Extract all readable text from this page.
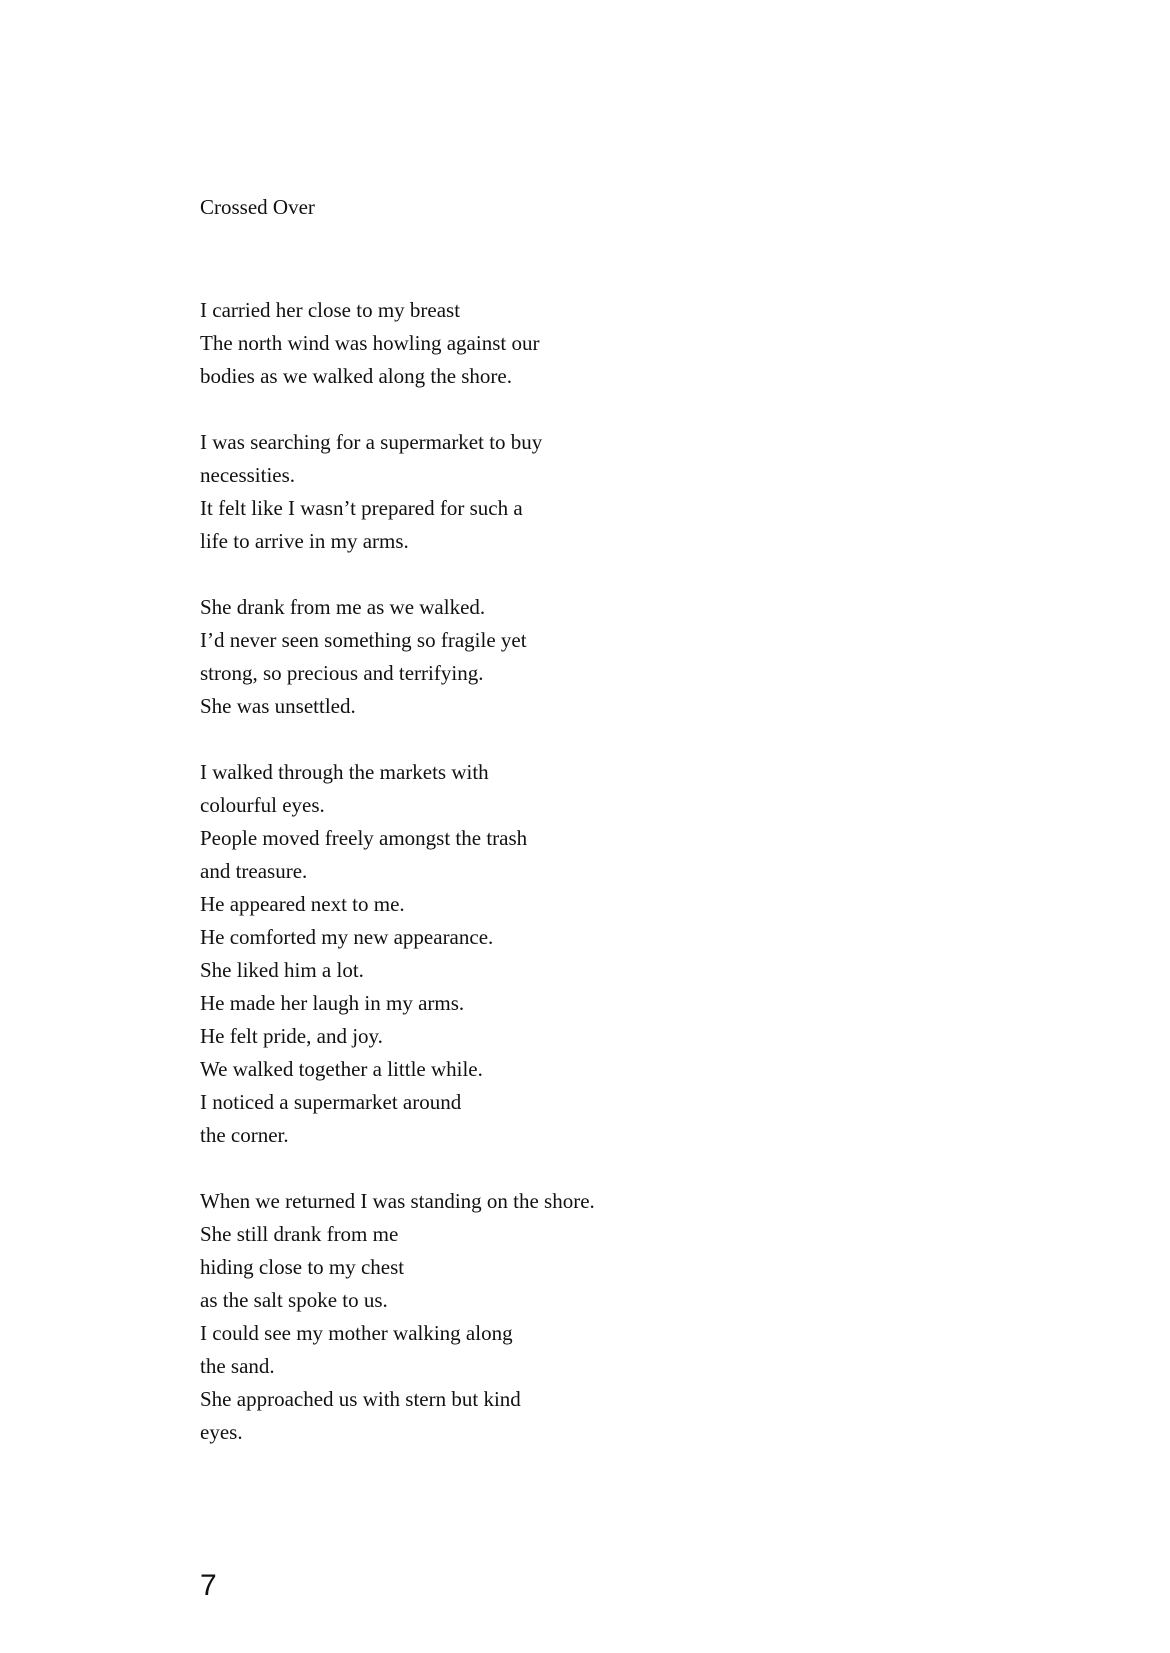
Crossed Over
I carried her close to my breast
The north wind was howling against our
bodies as we walked along the shore.
I was searching for a supermarket to buy
necessities.
It felt like I wasn’t prepared for such a
life to arrive in my arms.
She drank from me as we walked.
I’d never seen something so fragile yet
strong, so precious and terrifying.
She was unsettled.
I walked through the markets with
colourful eyes.
People moved freely amongst the trash
and treasure.
He appeared next to me.
He comforted my new appearance.
She liked him a lot.
He made her laugh in my arms.
He felt pride, and joy.
We walked together a little while.
I noticed a supermarket around
the corner.
When we returned I was standing on the shore.
She still drank from me
hiding close to my chest
as the salt spoke to us.
I could see my mother walking along
the sand.
She approached us with stern but kind
eyes.
7
